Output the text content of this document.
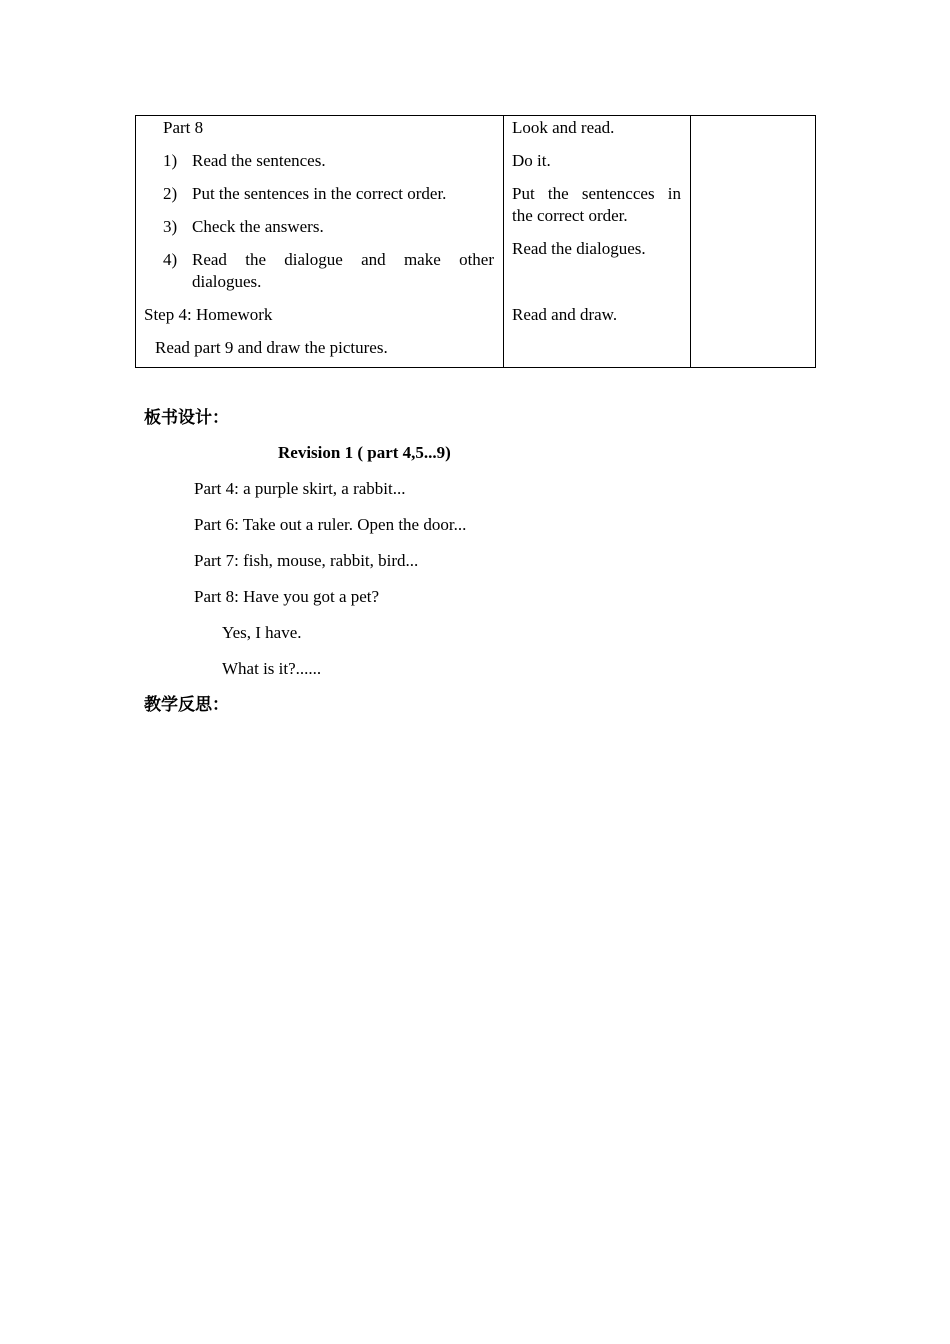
Part 8
1) Read the sentences.
2) Put the sentences in the correct order.
3) Check the answers.
4) Read the dialogue and make other
dialogues.
Step 4: Homework
Read part 9 and draw the pictures.
Look and read.
Do it.
Put the sentencces in
the correct order.
Read the dialogues.
Read and draw.
板书设计：
Revision 1 ( part 4,5...9)
Part 4: a purple skirt, a rabbit...
Part 6: Take out a ruler. Open the door...
Part 7: fish, mouse, rabbit, bird...
Part 8: Have you got a pet?
Yes, I have.
What is it?......
教学反思：
